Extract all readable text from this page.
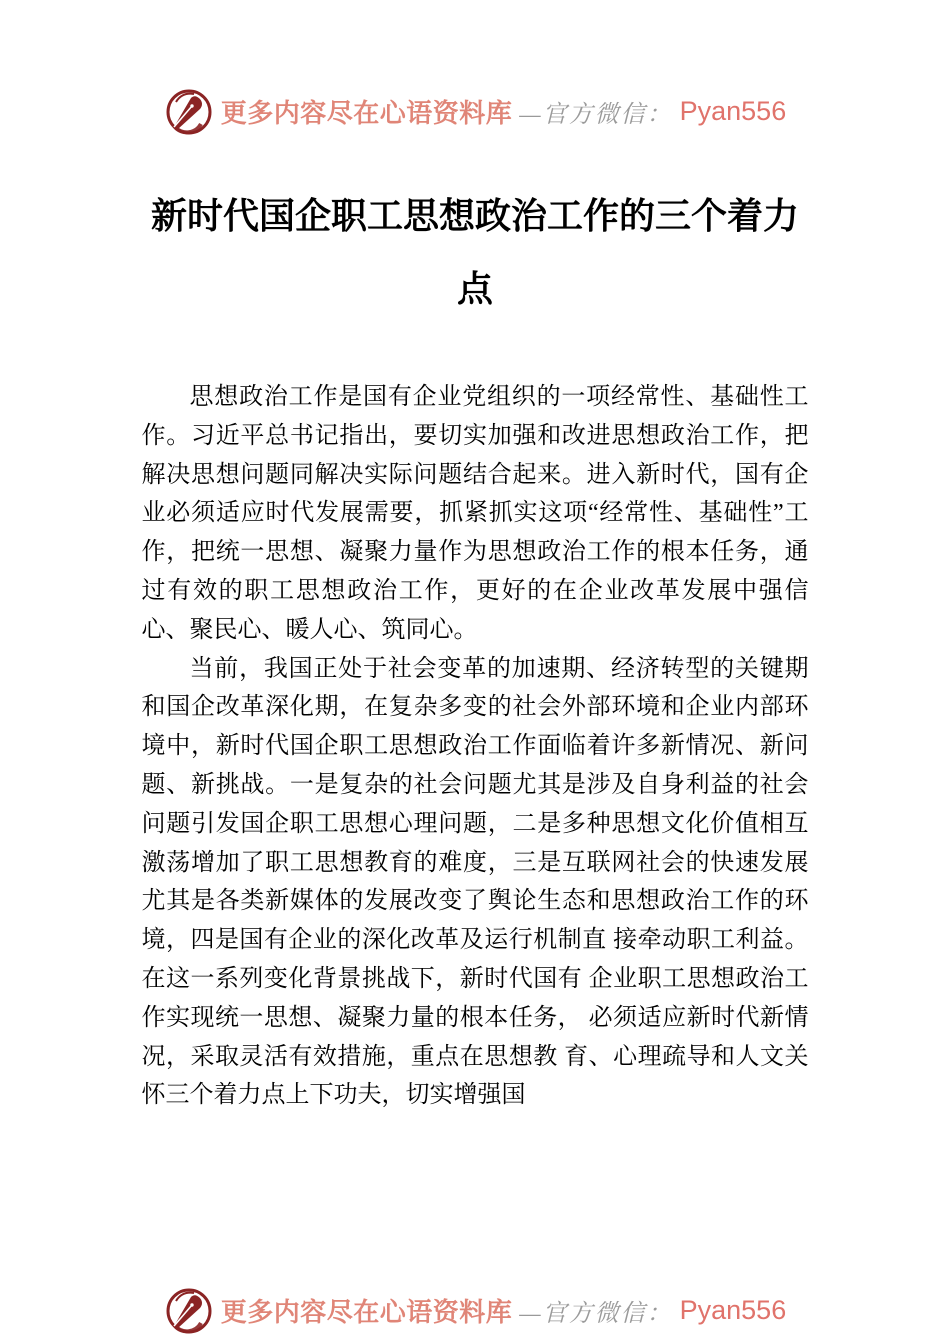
更多内容尽在心语资料库 —官方微信： Pyan556
新时代国企职工思想政治工作的三个着力点

思想政治工作是国有企业党组织的一项经常性、基础性工作。习近平总书记指出，要切实加强和改进思想政治工作，把解决思想问题同解决实际问题结合起来。进入新时代，国有企业必须适应时代发展需要，抓紧抓实这项“经常性、基础性”工作，把统一思想、凝聚力量作为思想政治工作的根本任务，通过有效的职工思想政治工作，更好的在企业改革发展中强信心、聚民心、暖人心、筑同心。

当前，我国正处于社会变革的加速期、经济转型的关键期和国企改革深化期，在复杂多变的社会外部环境和企业内部环境中，新时代国企职工思想政治工作面临着许多新情况、新问题、新挑战。一是复杂的社会问题尤其是涉及自身利益的社会问题引发国企职工思想心理问题，二是多种思想文化价值相互激荡增加了职工思想教育的难度，三是互联网社会的快速发展尤其是各类新媒体的发展改变了舆论生态和思想政治工作的环境，四是国有企业的深化改革及运行机制直 接牵动职工利益。在这一系列变化背景挑战下，新时代国有 企业职工思想政治工作实现统一思想、凝聚力量的根本任务， 必须适应新时代新情况，采取灵活有效措施，重点在思想教 育、心理疏导和人文关怀三个着力点上下功夫，切实增强国

更多内容尽在心语资料库 —官方微信： Pyan556
